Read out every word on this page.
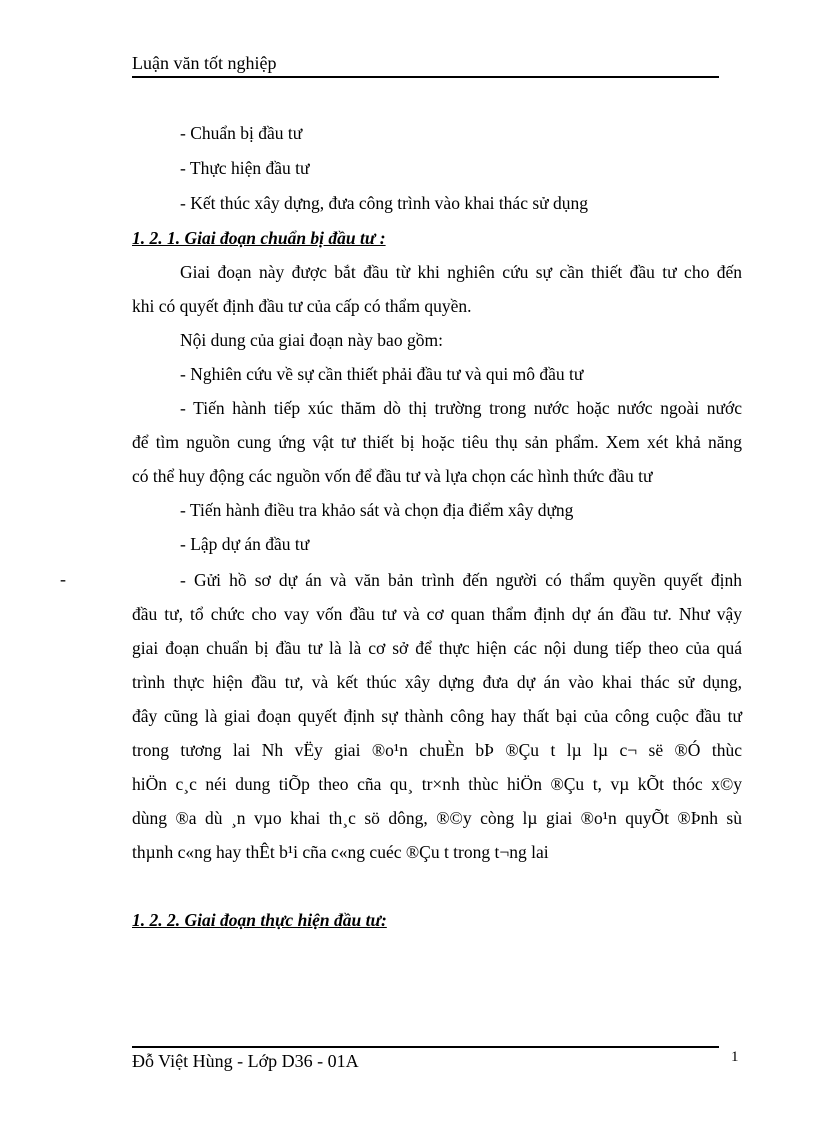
Luận văn tốt nghiệp
- Chuẩn bị đầu tư
- Thực hiện đầu tư
- Kết thúc xây dựng, đưa công trình vào khai thác sử dụng
1. 2. 1. Giai đoạn chuẩn bị đầu tư :
Giai đoạn này được bắt đầu từ khi nghiên cứu sự cần thiết đầu tư cho đến
khi có quyết định đầu tư của cấp có thẩm quyền.
Nội dung của giai đoạn này bao gồm:
- Nghiên cứu về sự cần thiết phải đầu tư và qui mô đầu tư
- Tiến hành tiếp xúc thăm dò thị trường trong nước hoặc nước ngoài nước
để tìm nguồn cung ứng vật tư thiết bị hoặc tiêu thụ sản phẩm. Xem xét khả năng
có thể huy động các nguồn vốn để đầu tư và lựa chọn các hình thức đầu tư
- Tiến hành điều tra khảo sát và chọn địa điểm xây dựng
- Lập dự án đầu tư
-	- Gửi hồ sơ dự án và văn bản trình đến người có thẩm quyền quyết định
đầu tư, tổ chức cho vay vốn đầu tư và cơ quan thẩm định dự án đầu tư. Như vậy
giai đoạn chuẩn bị đầu tư là là cơ sở để thực hiện các nội dung tiếp theo của quá
trình thực hiện đầu tư, và kết thúc xây dựng đưa dự án vào khai thác sử dụng,
đây cũng là giai đoạn quyết định sự thành công hay thất bại của công cuộc đầu tư
trong tương lai Nh vËy giai ®o¹n chuÈn bÞ ®Çu t lµ lµ c¬ së ®Ó thùc
hiÖn c¸c néi dung tiÕp theo cña qu¸ tr×nh thùc hiÖn ®Çu t, vµ kÕt thóc x©y
dùng ®a dù ¸n vµo khai th¸c sö dông, ®©y còng lµ giai ®o¹n quyÕt ®Þnh sù
thµnh c«ng hay thÊt b¹i cña c«ng cuéc ®Çu t trong t¬ng lai
1. 2. 2. Giai đoạn thực hiện đầu tư:
Đỗ Việt Hùng - Lớp D36 - 01A	1
